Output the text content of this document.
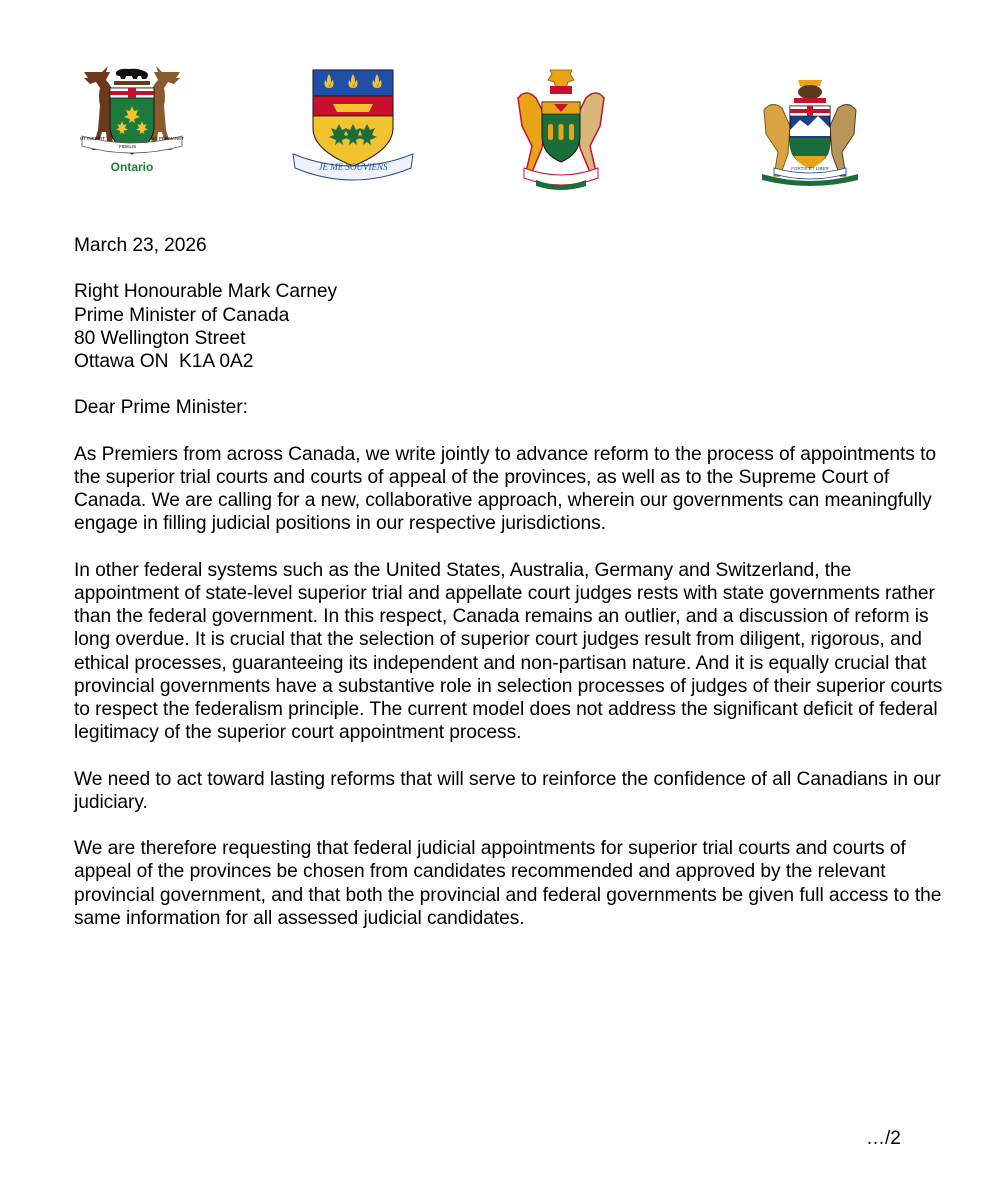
UT INCEPIT
FIDELIS
SIC PERMANET
Ontario	JE ME SOUVIENS	FORTIS ET LIBER

March 23, 2026

Right Honourable Mark Carney
Prime Minister of Canada
80 Wellington Street
Ottawa ON  K1A 0A2

Dear Prime Minister:

As Premiers from across Canada, we write jointly to advance reform to the process of appointments to the superior trial courts and courts of appeal of the provinces, as well as to the Supreme Court of Canada. We are calling for a new, collaborative approach, wherein our governments can meaningfully engage in filling judicial positions in our respective jurisdictions.

In other federal systems such as the United States, Australia, Germany and Switzerland, the appointment of state-level superior trial and appellate court judges rests with state governments rather than the federal government. In this respect, Canada remains an outlier, and a discussion of reform is long overdue. It is crucial that the selection of superior court judges result from diligent, rigorous, and ethical processes, guaranteeing its independent and non-partisan nature. And it is equally crucial that provincial governments have a substantive role in selection processes of judges of their superior courts to respect the federalism principle. The current model does not address the significant deficit of federal legitimacy of the superior court appointment process.

We need to act toward lasting reforms that will serve to reinforce the confidence of all Canadians in our judiciary.

We are therefore requesting that federal judicial appointments for superior trial courts and courts of appeal of the provinces be chosen from candidates recommended and approved by the relevant provincial government, and that both the provincial and federal governments be given full access to the same information for all assessed judicial candidates.

…/2
